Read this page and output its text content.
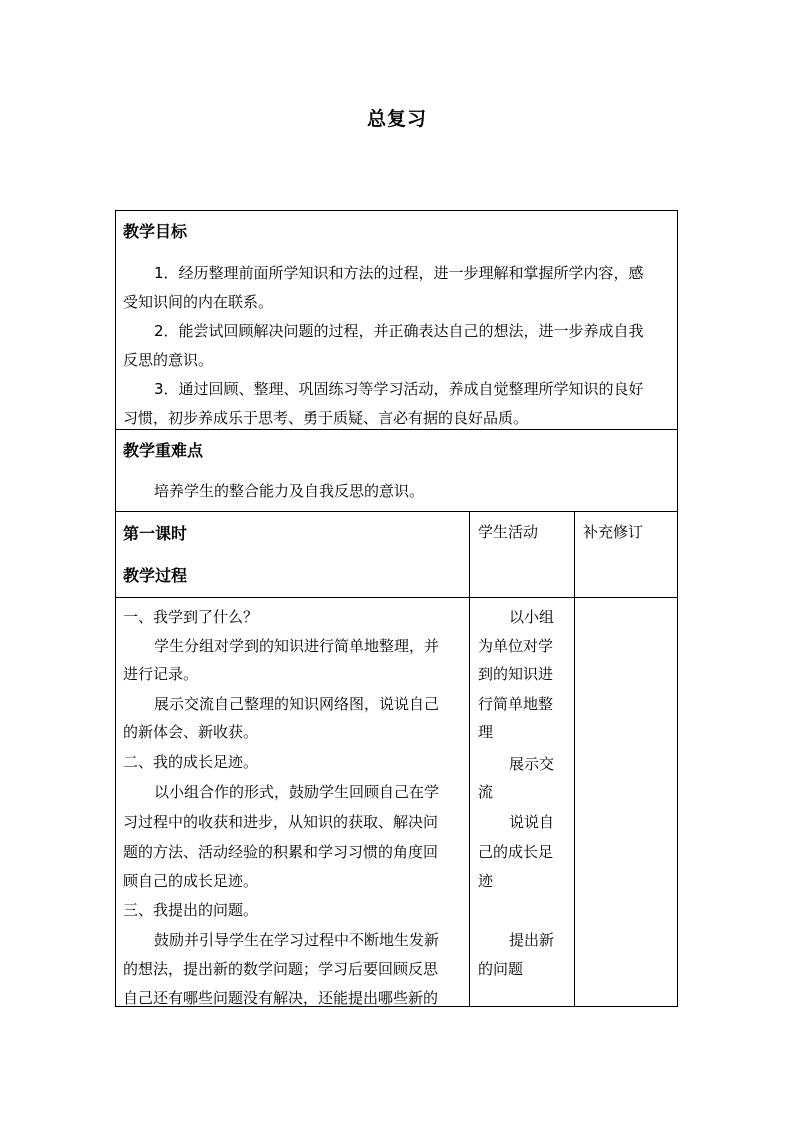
总复习
教学目标
1．经历整理前面所学知识和方法的过程，进一步理解和掌握所学内容，感
受知识间的内在联系。
2．能尝试回顾解决问题的过程，并正确表达自己的想法，进一步养成自我
反思的意识。
3．通过回顾、整理、巩固练习等学习活动，养成自觉整理所学知识的良好
习惯，初步养成乐于思考、勇于质疑、言必有据的良好品质。
教学重难点
培养学生的整合能力及自我反思的意识。
第一课时
教学过程
学生活动	补充修订
一、我学到了什么？
学生分组对学到的知识进行简单地整理，并
进行记录。
展示交流自己整理的知识网络图，说说自己
的新体会、新收获。
二、我的成长足迹。
以小组合作的形式，鼓励学生回顾自己在学
习过程中的收获和进步，从知识的获取、解决问
题的方法、活动经验的积累和学习习惯的角度回
顾自己的成长足迹。
三、我提出的问题。
鼓励并引导学生在学习过程中不断地生发新
的想法，提出新的数学问题；学习后要回顾反思
自己还有哪些问题没有解决，还能提出哪些新的
以小组
为单位对学
到的知识进
行简单地整
理
展示交
流
说说自
己的成长足
迹
提出新
的问题
